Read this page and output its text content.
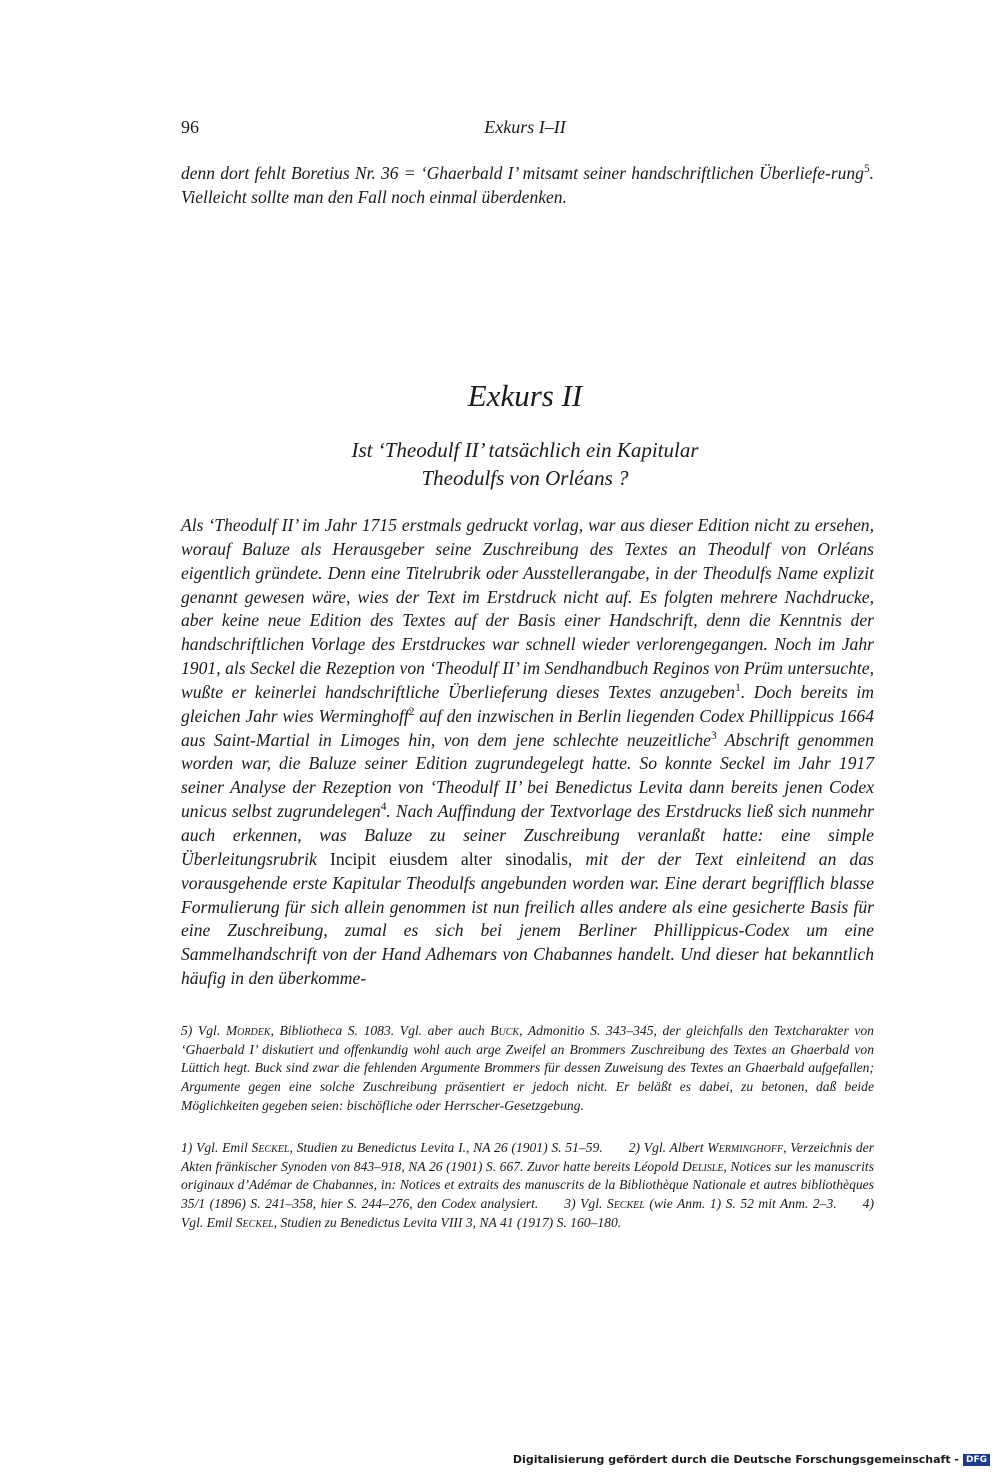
96	Exkurs I–II
denn dort fehlt Boretius Nr. 36 = ‘Ghaerbald I’ mitsamt seiner handschriftlichen Überliefe-rung$^5$. Vielleicht sollte man den Fall noch einmal überdenken.
Exkurs II
Ist ‘Theodulf II’ tatsächlich ein Kapitular
Theodulfs von Orléans ?
Als ‘Theodulf II’ im Jahr 1715 erstmals gedruckt vorlag, war aus dieser Edition nicht zu ersehen, worauf Baluze als Herausgeber seine Zuschreibung des Textes an Theodulf von Orléans eigentlich gründete. Denn eine Titelrubrik oder Ausstellerangabe, in der Theodulfs Name explizit genannt gewesen wäre, wies der Text im Erstdruck nicht auf. Es folgten mehrere Nachdrucke, aber keine neue Edition des Textes auf der Basis einer Handschrift, denn die Kenntnis der handschriftlichen Vorlage des Erstdruckes war schnell wieder verlorengegangen. Noch im Jahr 1901, als Seckel die Rezeption von ‘Theodulf II’ im Sendhandbuch Reginos von Prüm untersuchte, wußte er keinerlei handschriftliche Überlieferung dieses Textes anzugeben$^1$. Doch bereits im gleichen Jahr wies Werminghoff$^2$ auf den inzwischen in Berlin liegenden Codex Phillippicus 1664 aus Saint-Martial in Limoges hin, von dem jene schlechte neuzeitliche$^3$ Abschrift genommen worden war, die Baluze seiner Edition zugrundegelegt hatte. So konnte Seckel im Jahr 1917 seiner Analyse der Rezeption von ‘Theodulf II’ bei Benedictus Levita dann bereits jenen Codex unicus selbst zugrundelegen$^4$. Nach Auffindung der Textvorlage des Erstdrucks ließ sich nunmehr auch erkennen, was Baluze zu seiner Zuschreibung veranlaßt hatte: eine simple Überleitungsrubrik Incipit eiusdem alter sinodalis, mit der der Text einleitend an das vorausgehende erste Kapitular Theodulfs angebunden worden war. Eine derart begrifflich blasse Formulierung für sich allein genommen ist nun freilich alles andere als eine gesicherte Basis für eine Zuschreibung, zumal es sich bei jenem Berliner Phillippicus-Codex um eine Sammelhandschrift von der Hand Adhemars von Chabannes handelt. Und dieser hat bekanntlich häufig in den überkomme-
5) Vgl. Mordek, Bibliotheca S. 1083. Vgl. aber auch Buck, Admonitio S. 343–345, der gleichfalls den Textcharakter von ‘Ghaerbald I’ diskutiert und offenkundig wohl auch arge Zweifel an Brommers Zuschreibung des Textes an Ghaerbald von Lüttich hegt. Buck sind zwar die fehlenden Argumente Brommers für dessen Zuweisung des Textes an Ghaerbald aufgefallen; Argumente gegen eine solche Zuschreibung präsentiert er jedoch nicht. Er beläßt es dabei, zu betonen, daß beide Möglichkeiten gegeben seien: bischöfliche oder Herrscher-Gesetzgebung.
1) Vgl. Emil Seckel, Studien zu Benedictus Levita I., NA 26 (1901) S. 51–59. 2) Vgl. Albert Werminghoff, Verzeichnis der Akten fränkischer Synoden von 843–918, NA 26 (1901) S. 667. Zuvor hatte bereits Léopold Delisle, Notices sur les manuscrits originaux d’Adémar de Chabannes, in: Notices et extraits des manuscrits de la Bibliothèque Nationale et autres bibliothèques 35/1 (1896) S. 241–358, hier S. 244–276, den Codex analysiert. 3) Vgl. Seckel (wie Anm. 1) S. 52 mit Anm. 2–3. 4) Vgl. Emil Seckel, Studien zu Benedictus Levita VIII 3, NA 41 (1917) S. 160–180.
Digitalisierung gefördert durch die Deutsche Forschungsgemeinschaft - DFG
